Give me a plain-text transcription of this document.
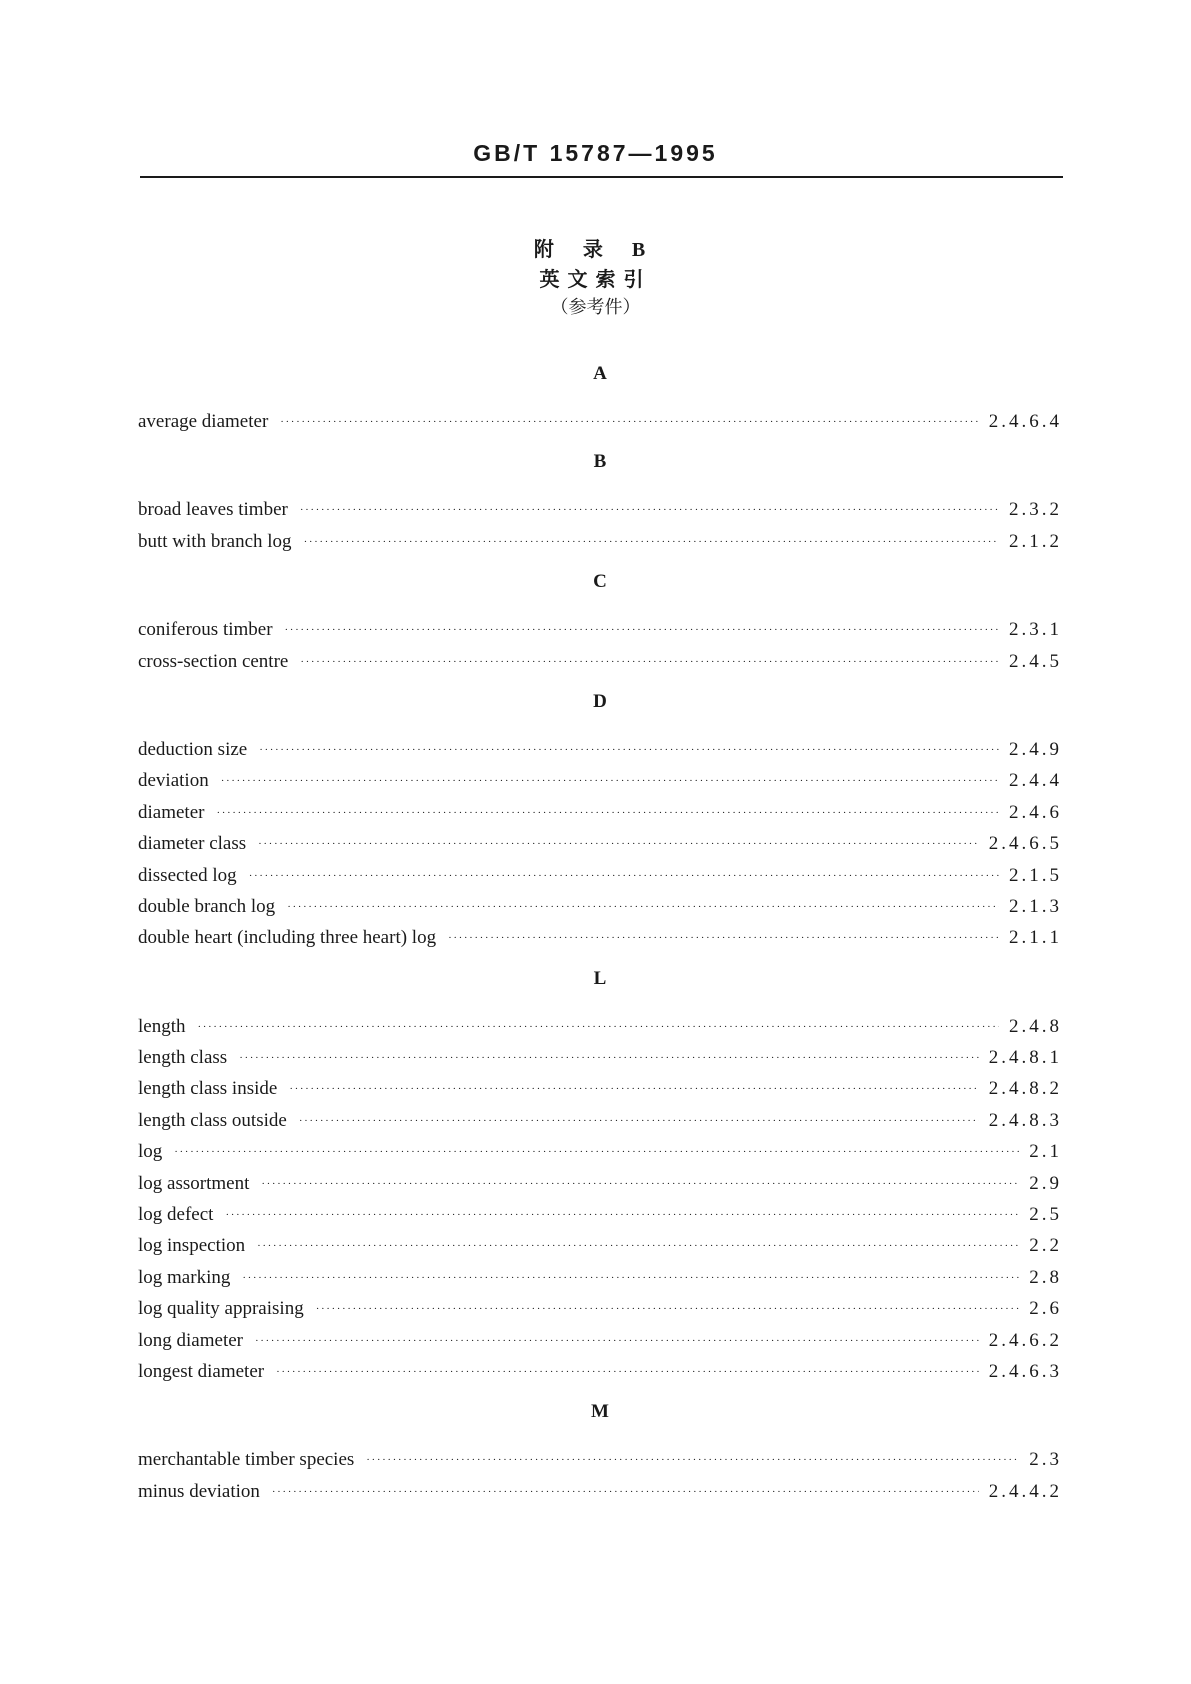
GB/T 15787—1995
附 录 B
英文索引
（参考件）
A
average diameter ·····	2.4.6.4
B
broad leaves timber ·····	2.3.2
butt with branch log ·····	2.1.2
C
coniferous timber ·····	2.3.1
cross-section centre ·····	2.4.5
D
deduction size ·····	2.4.9
deviation ·····	2.4.4
diameter ·····	2.4.6
diameter class ·····	2.4.6.5
dissected log ·····	2.1.5
double branch log ·····	2.1.3
double heart (including three heart) log ·····	2.1.1
L
length ·····	2.4.8
length class ·····	2.4.8.1
length class inside ·····	2.4.8.2
length class outside ·····	2.4.8.3
log ·····	2.1
log assortment ·····	2.9
log defect ·····	2.5
log inspection ·····	2.2
log marking ·····	2.8
log quality appraising ·····	2.6
long diameter ·····	2.4.6.2
longest diameter ·····	2.4.6.3
M
merchantable timber species ·····	2.3
minus deviation ·····	2.4.4.2
